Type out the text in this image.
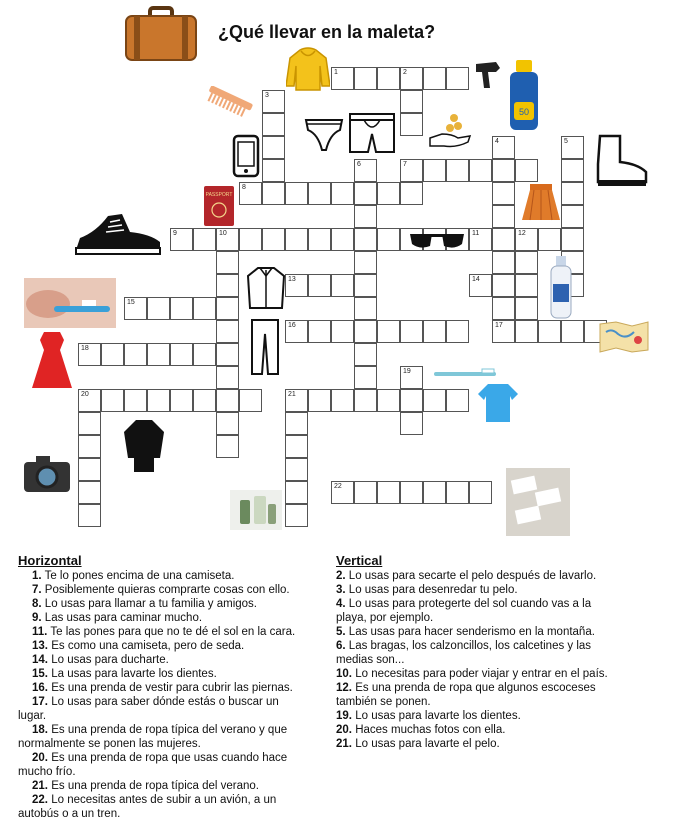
¿Qué llevar en la maleta?
1	2
3
4	5
6	7
8
9	10	11	12
13	14
15
16	17
18
19
20	21
22
50
PASSPORT
Horizontal
1. Te lo pones encima de una camiseta.
7. Posiblemente quieras comprarte cosas con ello.
8. Lo usas para llamar a tu familia y amigos.
9. Las usas para caminar mucho.
11. Te las pones para que no te dé el sol en la cara.
13. Es como una camiseta, pero de seda.
14. Lo usas para ducharte.
15. La usas para lavarte los dientes.
16. Es una prenda de vestir para cubrir las piernas.
17. Lo usas para saber dónde estás o buscar un
lugar.
18. Es una prenda de ropa típica del verano y que
normalmente se ponen las mujeres.
20. Es una prenda de ropa que usas cuando hace
mucho frío.
21. Es una prenda de ropa típica del verano.
22. Lo necesitas antes de subir a un avión, a un
autobús o a un tren.
Vertical
2. Lo usas para secarte el pelo después de lavarlo.
3. Lo usas para desenredar tu pelo.
4. Lo usas para protegerte del sol cuando vas a la
playa, por ejemplo.
5. Las usas para hacer senderismo en la montaña.
6. Las bragas, los calzoncillos, los calcetines y las
medias son...
10. Lo necesitas para poder viajar y entrar en el país.
12. Es una prenda de ropa que algunos escoceses
también se ponen.
19. Lo usas para lavarte los dientes.
20. Haces muchas fotos con ella.
21. Lo usas para lavarte el pelo.
